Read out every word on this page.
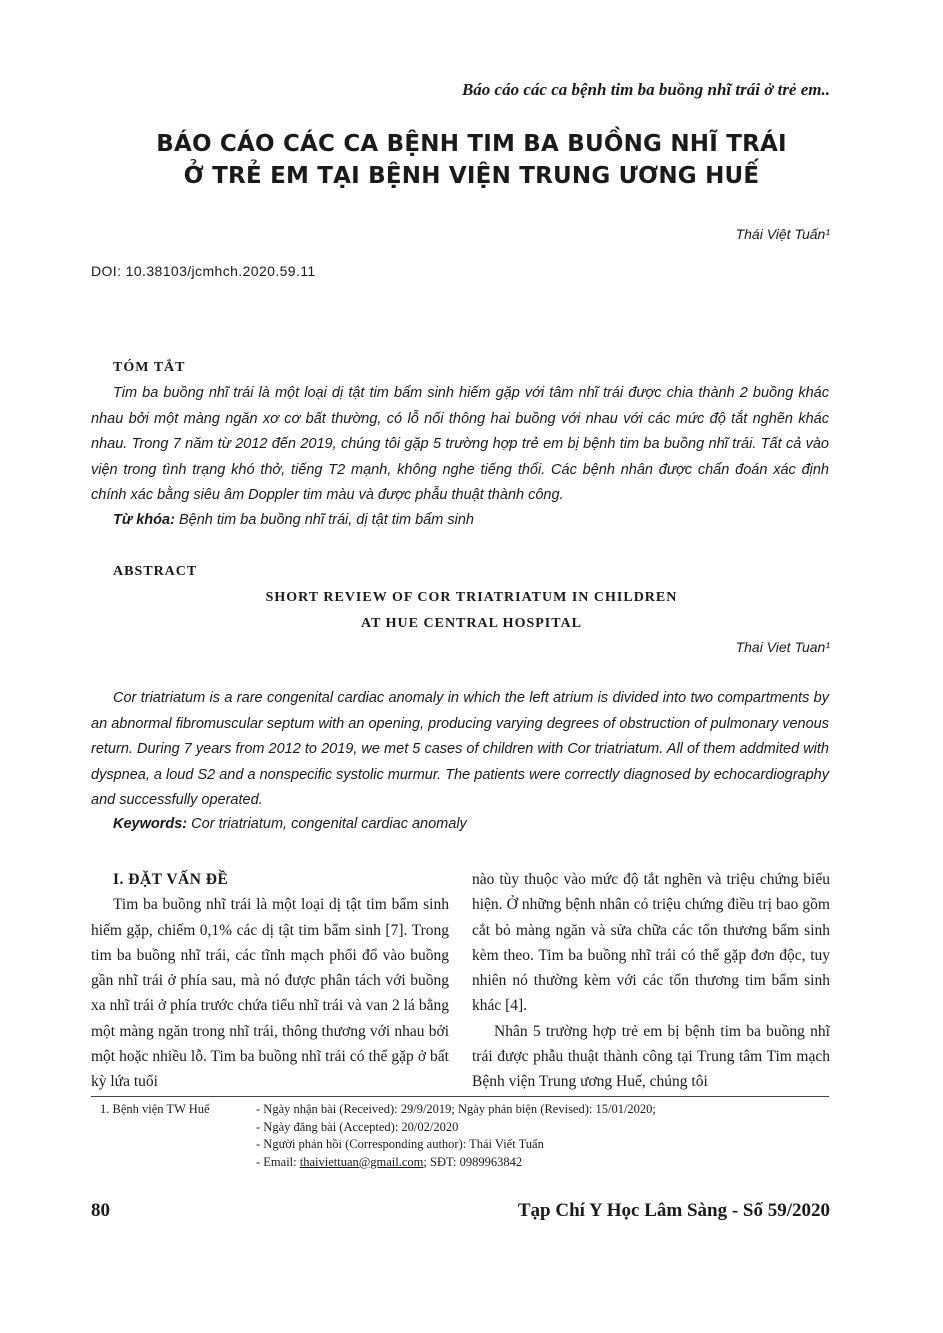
Báo cáo các ca bệnh tim ba buồng nhĩ trái ở trẻ em..
BÁO CÁO CÁC CA BỆNH TIM BA BUỒNG NHĨ TRÁI
Ở TRẺ EM TẠI BỆNH VIỆN TRUNG ƯƠNG HUẾ
Thái Việt Tuấn¹
DOI: 10.38103/jcmhch.2020.59.11
TÓM TẮT
Tim ba buồng nhĩ trái là một loại dị tật tim bẩm sinh hiếm gặp với tâm nhĩ trái được chia thành 2 buồng khác nhau bởi một màng ngăn xơ cơ bất thường, có lỗ nối thông hai buồng với nhau với các mức độ tắt nghẽn khác nhau. Trong 7 năm từ 2012 đến 2019, chúng tôi gặp 5 trường hợp trẻ em bị bệnh tim ba buồng nhĩ trái. Tất cả vào viện trong tình trạng khó thở, tiếng T2 mạnh, không nghe tiếng thổi. Các bệnh nhân được chẩn đoán xác định chính xác bằng siêu âm Doppler tim màu và được phẫu thuật thành công.
Từ khóa: Bệnh tim ba buồng nhĩ trái, dị tật tim bẩm sinh
ABSTRACT
SHORT REVIEW OF COR TRIATRIATUM IN CHILDREN
AT HUE CENTRAL HOSPITAL
Thai Viet Tuan¹
Cor triatriatum is a rare congenital cardiac anomaly in which the left atrium is divided into two compartments by an abnormal fibromuscular septum with an opening, producing varying degrees of obstruction of pulmonary venous return. During 7 years from 2012 to 2019, we met 5 cases of children with Cor triatriatum. All of them addmited with dyspnea, a loud S2 and a nonspecific systolic murmur. The patients were correctly diagnosed by echocardiography and successfully operated.
Keywords: Cor triatriatum, congenital cardiac anomaly

I. ĐẶT VẤN ĐỀ

Tim ba buồng nhĩ trái là một loại dị tật tim bẩm sinh hiếm gặp, chiếm 0,1% các dị tật tim bẩm sinh [7]. Trong tim ba buồng nhĩ trái, các tĩnh mạch phổi đổ vào buồng gần nhĩ trái ở phía sau, mà nó được phân tách với buồng xa nhĩ trái ở phía trước chứa tiểu nhĩ trái và van 2 lá bằng một màng ngăn trong nhĩ trái, thông thương với nhau bởi một hoặc nhiều lỗ. Tim ba buồng nhĩ trái có thể gặp ở bất kỳ lứa tuổi

nào tùy thuộc vào mức độ tắt nghẽn và triệu chứng biểu hiện. Ở những bệnh nhân có triệu chứng điều trị bao gồm cắt bỏ màng ngăn và sửa chữa các tổn thương bẩm sinh kèm theo. Tim ba buồng nhĩ trái có thể gặp đơn độc, tuy nhiên nó thường kèm với các tổn thương tim bẩm sinh khác [4].

Nhân 5 trường hợp trẻ em bị bệnh tim ba buồng nhĩ trái được phẫu thuật thành công tại Trung tâm Tim mạch Bệnh viện Trung ương Huế, chúng tôi

1. Bệnh viện TW Huế	- Ngày nhận bài (Received): 29/9/2019; Ngày phản biện (Revised): 15/01/2020;
- Ngày đăng bài (Accepted): 20/02/2020
- Người phản hồi (Corresponding author): Thái Viết Tuấn
- Email: thaiviettuan@gmail.com; SĐT: 0989963842
80	Tạp Chí Y Học Lâm Sàng - Số 59/2020
